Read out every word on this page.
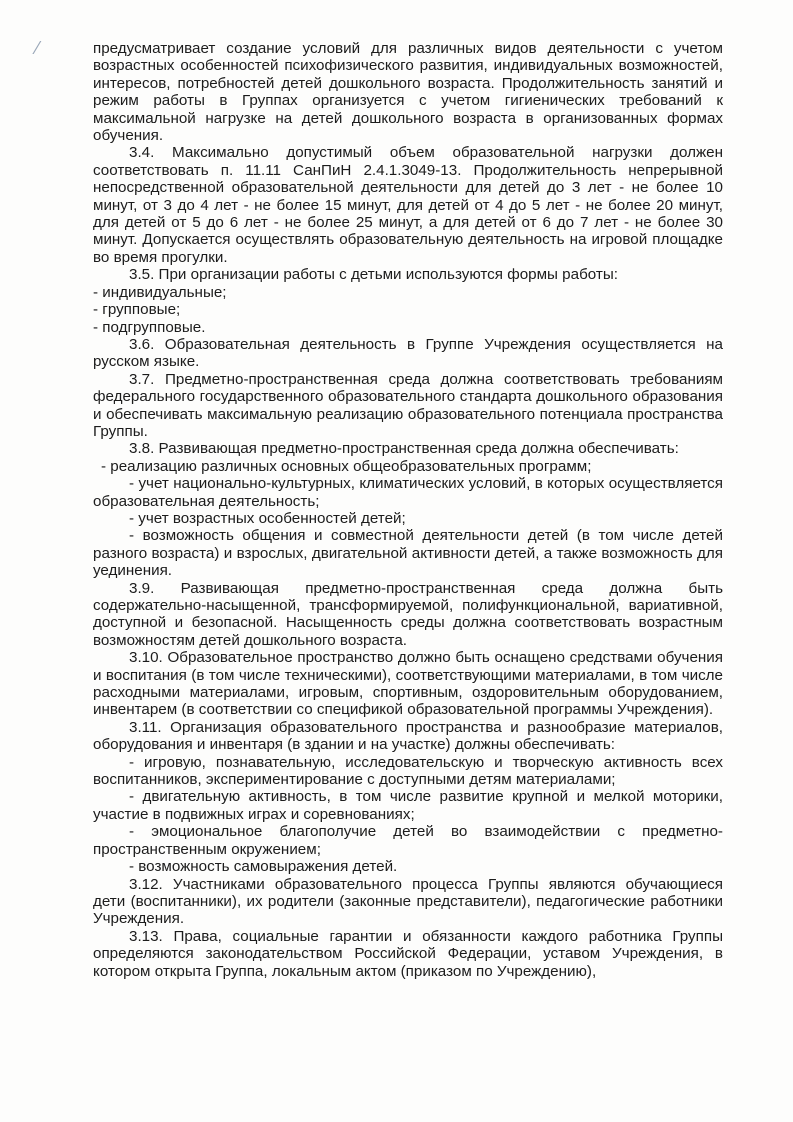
⁄	предусматривает создание условий для различных видов деятельности с учетом возрастных особенностей психофизического развития, индивидуальных возможностей, интересов, потребностей детей дошкольного возраста. Продолжительность занятий и режим работы в Группах организуется с учетом гигиенических требований к максимальной нагрузке на детей дошкольного возраста в организованных формах обучения.

3.4. Максимально допустимый объем образовательной нагрузки должен соответствовать п. 11.11 СанПиН 2.4.1.3049-13. Продолжительность непрерывной непосредственной образовательной деятельности для детей до 3 лет - не более 10 минут, от 3 до 4 лет - не более 15 минут, для детей от 4 до 5 лет - не более 20 минут, для детей от 5 до 6 лет - не более 25 минут, а для детей от 6 до 7 лет - не более 30 минут. Допускается осуществлять образовательную деятельность на игровой площадке во время прогулки.

3.5. При организации работы с детьми используются формы работы:

- индивидуальные;

- групповые;

- подгрупповые.

3.6. Образовательная деятельность в Группе Учреждения осуществляется на русском языке.

3.7. Предметно-пространственная среда должна соответствовать требованиям федерального государственного образовательного стандарта дошкольного образования и обеспечивать максимальную реализацию образовательного потенциала пространства Группы.

3.8. Развивающая предметно-пространственная среда должна обеспечивать:

- реализацию различных основных общеобразовательных программ;

- учет национально-культурных, климатических условий, в которых осуществляется образовательная деятельность;

- учет возрастных особенностей детей;

- возможность общения и совместной деятельности детей (в том числе детей разного возраста) и взрослых, двигательной активности детей, а также возможность для уединения.

3.9. Развивающая предметно-пространственная среда должна быть содержательно-насыщенной, трансформируемой, полифункциональной, вариативной, доступной и безопасной. Насыщенность среды должна соответствовать возрастным возможностям детей дошкольного возраста.

3.10. Образовательное пространство должно быть оснащено средствами обучения и воспитания (в том числе техническими), соответствующими материалами, в том числе расходными материалами, игровым, спортивным, оздоровительным оборудованием, инвентарем (в соответствии со спецификой образовательной программы Учреждения).

3.11. Организация образовательного пространства и разнообразие материалов, оборудования и инвентаря (в здании и на участке) должны обеспечивать:

- игровую, познавательную, исследовательскую и творческую активность всех воспитанников, экспериментирование с доступными детям материалами;

- двигательную активность, в том числе развитие крупной и мелкой моторики, участие в подвижных играх и соревнованиях;

- эмоциональное благополучие детей во взаимодействии с предметно-пространственным окружением;

- возможность самовыражения детей.

3.12. Участниками образовательного процесса Группы являются обучающиеся дети (воспитанники), их родители (законные представители), педагогические работники Учреждения.

3.13. Права, социальные гарантии и обязанности каждого работника Группы определяются законодательством Российской Федерации, уставом Учреждения, в котором открыта Группа, локальным актом (приказом по Учреждению),
